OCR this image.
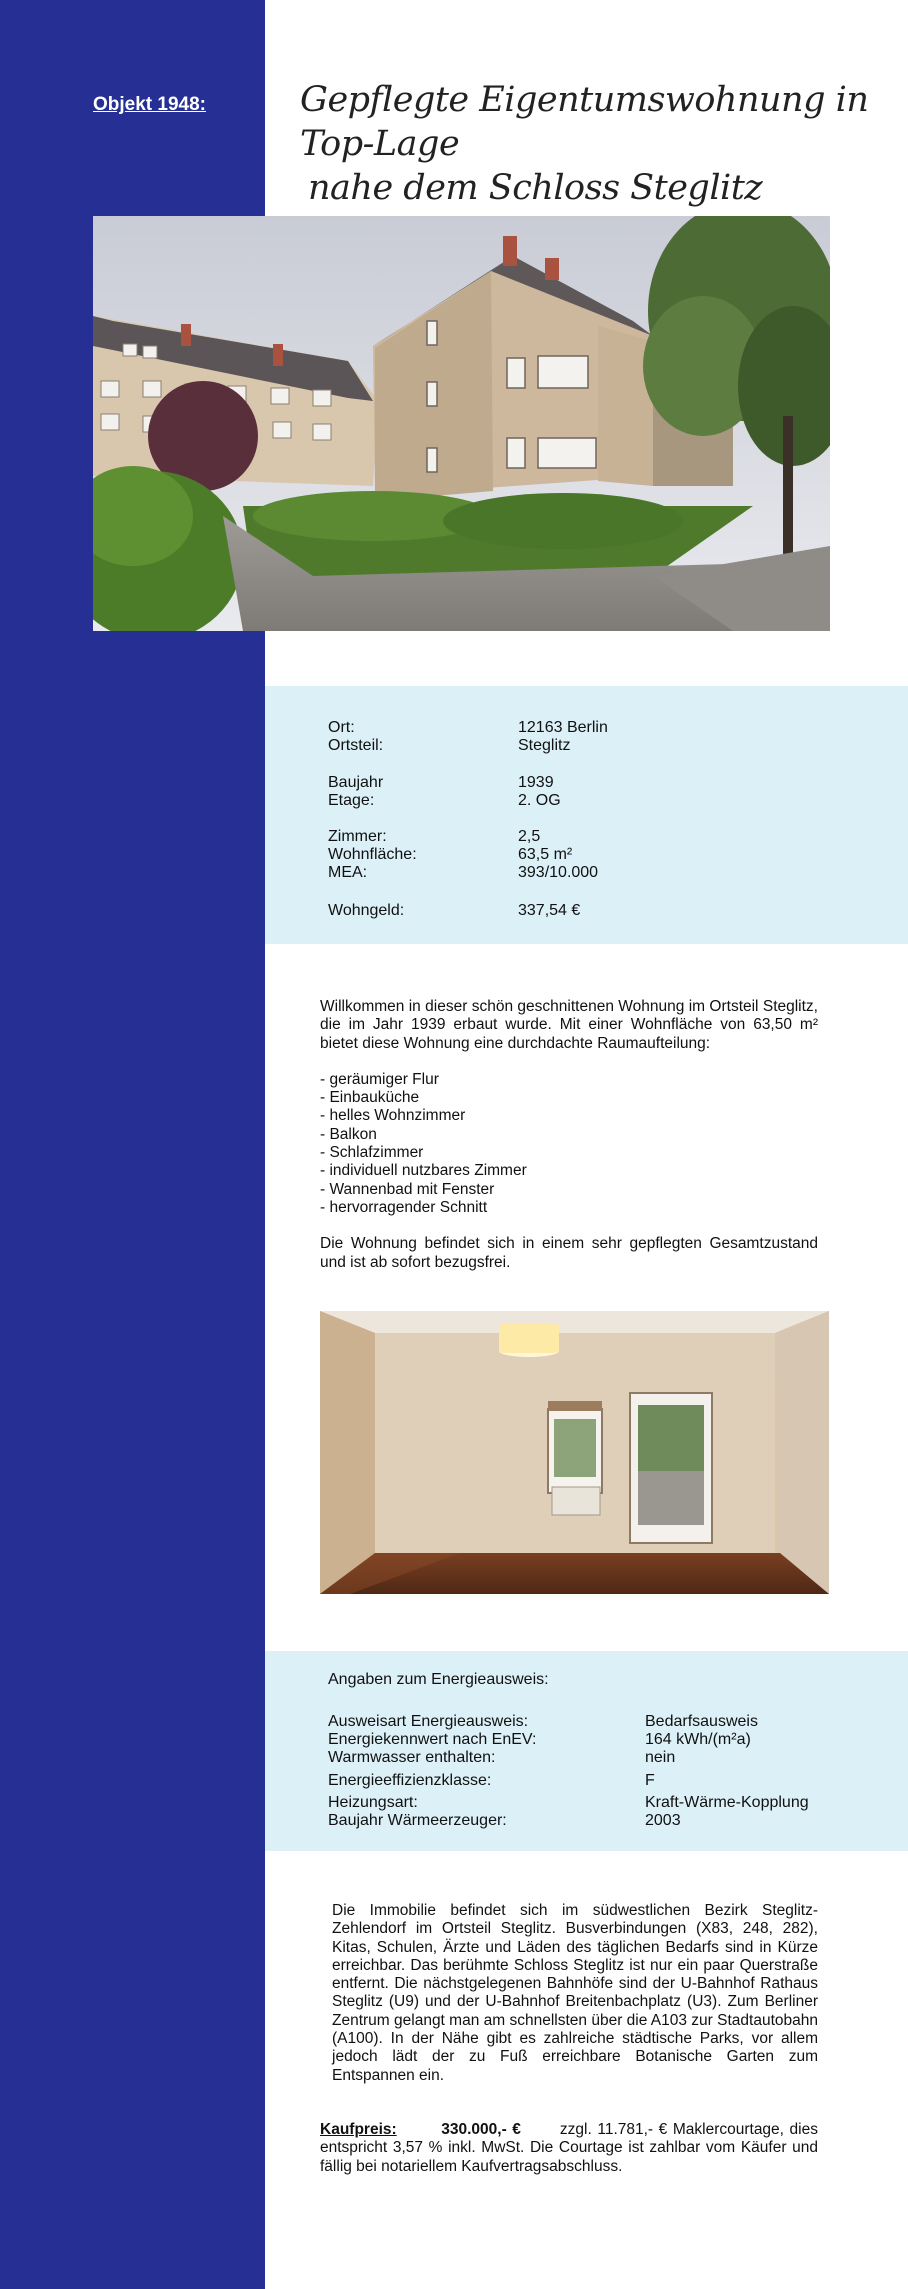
Objekt 1948:	Gepflegte Eigentumswohnung in Top-Lage

nahe dem Schloss Steglitz
Ort:	12163 Berlin
Ortsteil:	Steglitz
Baujahr	1939
Etage:	2. OG
Zimmer:	2,5
Wohnfläche:	63,5 m²
MEA:	393/10.000
Wohngeld:	337,54 €

Willkommen in dieser schön geschnittenen Wohnung im Ortsteil Steglitz, die im Jahr 1939 erbaut wurde. Mit einer Wohnfläche von 63,50 m² bietet diese Wohnung eine durchdachte Raumaufteilung:

- geräumiger Flur
- Einbauküche
- helles Wohnzimmer
- Balkon
- Schlafzimmer
- individuell nutzbares Zimmer
- Wannenbad mit Fenster
- hervorragender Schnitt

Die Wohnung befindet sich in einem sehr gepflegten Gesamtzustand und ist ab sofort bezugsfrei.

Angaben zum Energieausweis:
Ausweisart Energieausweis:	Bedarfsausweis
Energiekennwert nach EnEV:	164 kWh/(m²a)
Warmwasser enthalten:	nein
Energieeffizienzklasse:	F
Heizungsart:	Kraft-Wärme-Kopplung
Baujahr Wärmeerzeuger:	2003
Die Immobilie befindet sich im südwestlichen Bezirk Steglitz-Zehlendorf im Ortsteil Steglitz. Busverbindungen (X83, 248, 282), Kitas, Schulen, Ärzte und Läden des täglichen Bedarfs sind in Kürze erreichbar. Das berühmte Schloss Steglitz ist nur ein paar Querstraße entfernt. Die nächstgelegenen Bahnhöfe sind der U-Bahnhof Rathaus Steglitz (U9) und der U-Bahnhof Breitenbachplatz (U3). Zum Berliner Zentrum gelangt man am schnellsten über die A103 zur Stadtautobahn (A100). In der Nähe gibt es zahlreiche städtische Parks, vor allem jedoch lädt der zu Fuß erreichbare Botanische Garten zum Entspannen ein.
Kaufpreis:	330.000,- €	zzgl. 11.781,- € Maklercourtage, dies entspricht 3,57 % inkl. MwSt. Die Courtage ist zahlbar vom Käufer und fällig bei notariellem Kaufvertragsabschluss.
